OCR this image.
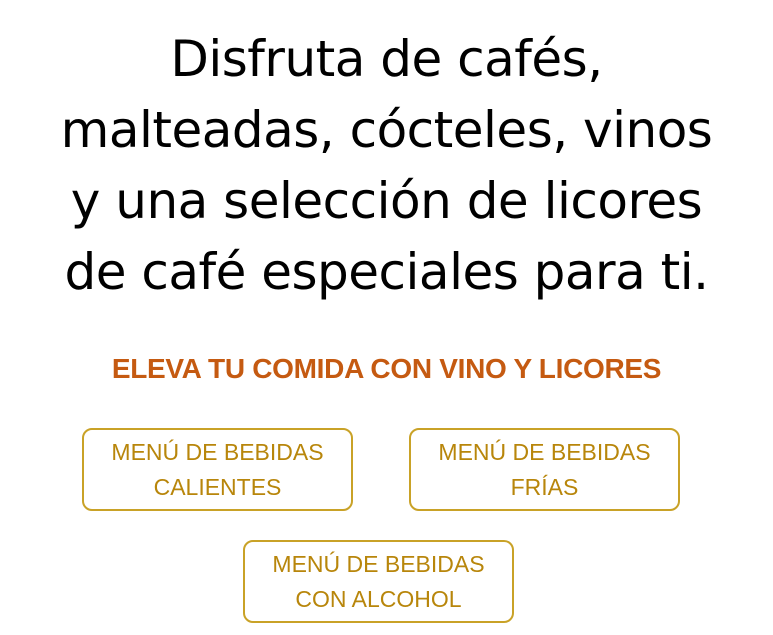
Disfruta de cafés,
malteadas, cócteles, vinos
y una selección de licores
de café especiales para ti.
ELEVA TU COMIDA CON VINO Y LICORES
MENÚ DE BEBIDAS
CALIENTES
MENÚ DE BEBIDAS
FRÍAS
MENÚ DE BEBIDAS
CON ALCOHOL
